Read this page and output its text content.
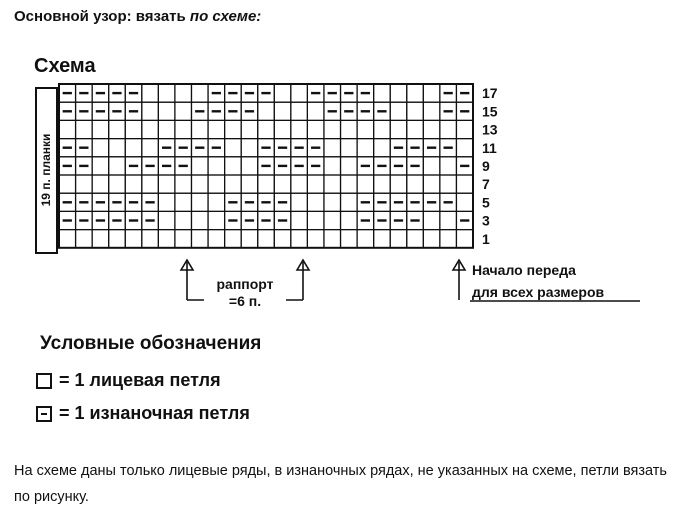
Основной узор: вязать по схеме:
Схема
17
15
13
11
9
7
5
3
1
19 п. планки
раппорт
=6 п.
Начало переда
для всех размеров
Условные обозначения
= 1 лицевая петля
= 1 изнаночная петля
На схеме даны только лицевые ряды, в изнаночных рядах, не указанных на схеме, петли вязать по рисунку.
